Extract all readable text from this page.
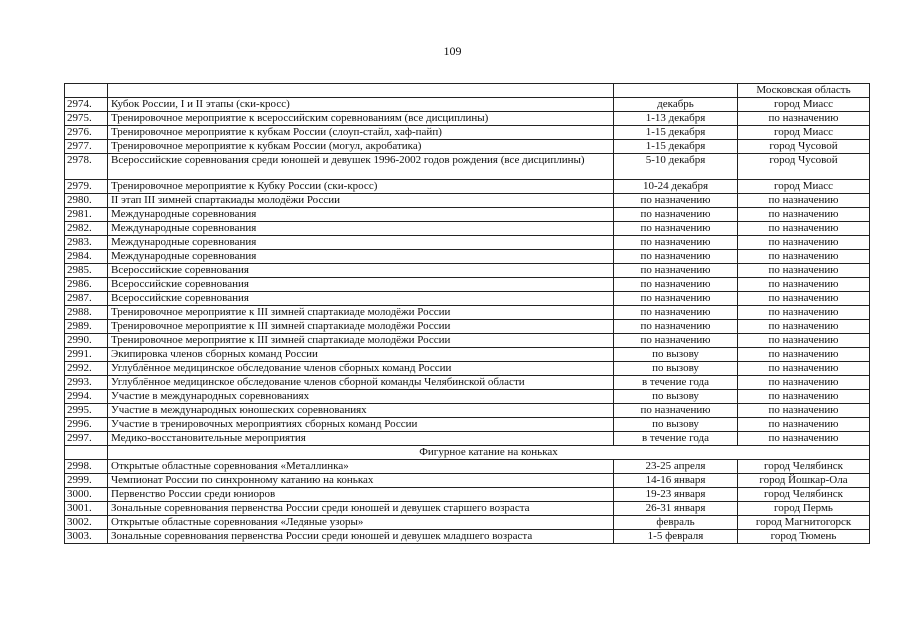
109
			Московская область
2974.	Кубок России, I и II этапы (ски-кросс)	декабрь	город Миасс
2975.	Тренировочное мероприятие к всероссийским соревнованиям (все дисциплины)	1-13 декабря	по назначению
2976.	Тренировочное мероприятие к кубкам России (слоуп-стайл, хаф-пайп)	1-15 декабря	город Миасс
2977.	Тренировочное мероприятие к кубкам России (могул, акробатика)	1-15 декабря	город Чусовой
2978.	Всероссийские соревнования среди юношей и девушек 1996-2002 годов рождения (все дисциплины)	5-10 декабря	город Чусовой
2979.	Тренировочное мероприятие к Кубку России (ски-кросс)	10-24 декабря	город Миасс
2980.	II этап III зимней спартакиады молодёжи России	по назначению	по назначению
2981.	Международные соревнования	по назначению	по назначению
2982.	Международные соревнования	по назначению	по назначению
2983.	Международные соревнования	по назначению	по назначению
2984.	Международные соревнования	по назначению	по назначению
2985.	Всероссийские соревнования	по назначению	по назначению
2986.	Всероссийские соревнования	по назначению	по назначению
2987.	Всероссийские соревнования	по назначению	по назначению
2988.	Тренировочное мероприятие к III зимней спартакиаде молодёжи России	по назначению	по назначению
2989.	Тренировочное мероприятие к III зимней спартакиаде молодёжи России	по назначению	по назначению
2990.	Тренировочное мероприятие к III зимней спартакиаде молодёжи России	по назначению	по назначению
2991.	Экипировка членов сборных команд России	по вызову	по назначению
2992.	Углублённое медицинское обследование членов сборных команд России	по вызову	по назначению
2993.	Углублённое медицинское обследование членов сборной команды Челябинской области	в течение года	по назначению
2994.	Участие в международных соревнованиях	по вызову	по назначению
2995.	Участие в международных юношеских соревнованиях	по назначению	по назначению
2996.	Участие в тренировочных мероприятиях сборных команд России	по вызову	по назначению
2997.	Медико-восстановительные мероприятия	в течение года	по назначению
	Фигурное катание на коньках		
2998.	Открытые областные соревнования «Металлинка»	23-25 апреля	город Челябинск
2999.	Чемпионат России по синхронному катанию на коньках	14-16 января	город Йошкар-Ола
3000.	Первенство России среди юниоров	19-23 января	город Челябинск
3001.	Зональные соревнования первенства России среди юношей и девушек старшего возраста	26-31 января	город Пермь
3002.	Открытые областные соревнования «Ледяные узоры»	февраль	город Магнитогорск
3003.	Зональные соревнования первенства России среди юношей и девушек младшего возраста	1-5 февраля	город Тюмень
